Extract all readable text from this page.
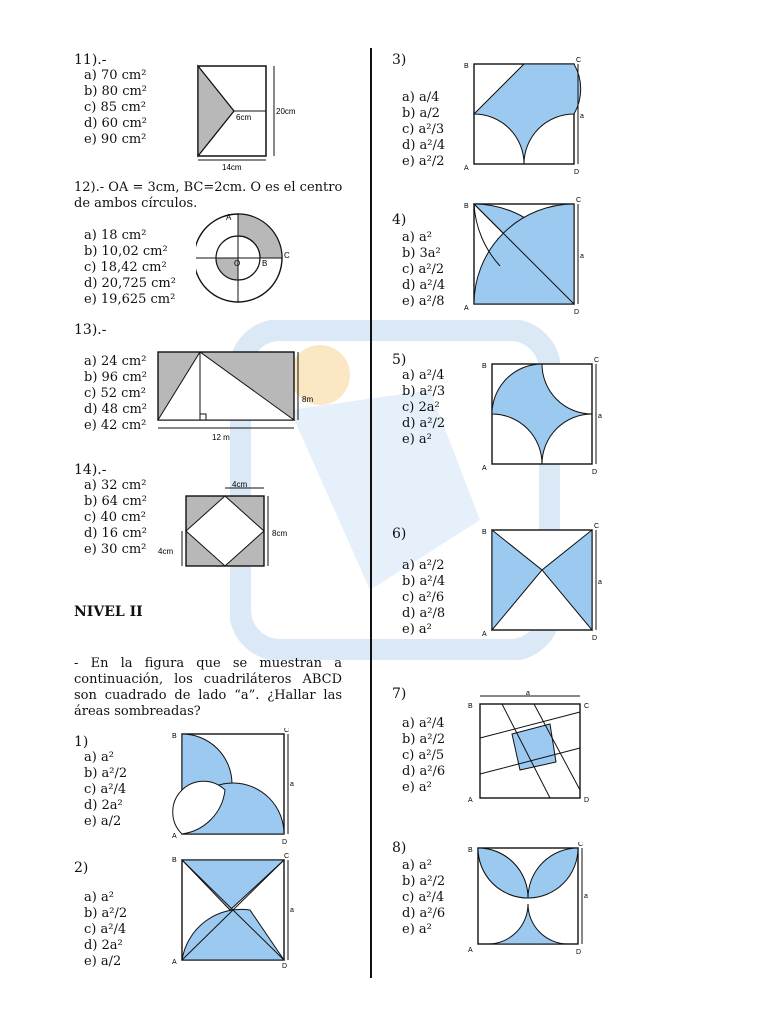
11).-
a) 70 cm²
b) 80 cm²
c) 85 cm²
d) 60 cm²
e) 90 cm²
6cm
20cm
14cm
12).- OA = 3cm, BC=2cm. O es el centro de ambos círculos.
a) 18 cm²
b) 10,02 cm²
c) 18,42 cm²
d) 20,725 cm²
e) 19,625 cm²
A
O	B
C
13).-
a) 24 cm²
b) 96 cm²
c) 52 cm²
d) 48 cm²
e) 42 cm²
8m
12 m
14).-
a) 32 cm²
b) 64 cm²
c) 40 cm²
d) 16 cm²
e) 30 cm²
4cm
8cm
4cm
NIVEL II
- En la figura que se muestran a continuación, los cuadriláteros ABCD son cuadrado de lado “a”. ¿Hallar las áreas sombreadas?
1)
a) a²
b) a²/2
c) a²/4
d) 2a²
e) a/2
a
B
A
C
D
2)
a) a²
b) a²/2
c) a²/4
d) 2a²
e) a/2
a
B
A
C
D
3)
a) a/4
b) a/2
c) a²/3
d) a²/4
e) a²/2
a
B
A
C
D
4)
a) a²
b) 3a²
c) a²/2
d) a²/4
e) a²/8
a
B
A
C
D
5)
a) a²/4
b) a²/3
c) 2a²
d) a²/2
e) a²
a
B
A
C
D
6)
a) a²/2
b) a²/4
c) a²/6
d) a²/8
e) a²
a
B
A
C
D
7)
a) a²/4
b) a²/2
c) a²/5
d) a²/6
e) a²
a
B
A
C
D
8)
a) a²
b) a²/2
c) a²/4
d) a²/6
e) a²
a
B
A
C
D
